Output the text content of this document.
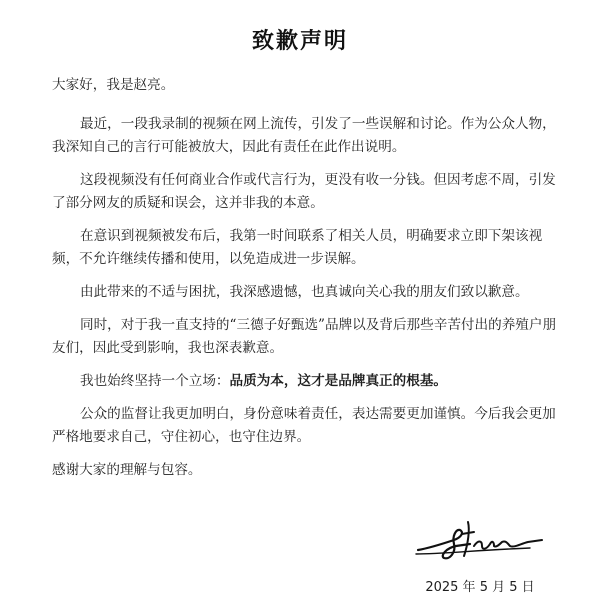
致歉声明

大家好，我是赵亮。

最近，一段我录制的视频在网上流传，引发了一些误解和讨论。作为公众人物，我深知自己的言行可能被放大，因此有责任在此作出说明。

这段视频没有任何商业合作或代言行为，更没有收一分钱。但因考虑不周，引发了部分网友的质疑和误会，这并非我的本意。

在意识到视频被发布后，我第一时间联系了相关人员，明确要求立即下架该视频，不允许继续传播和使用，以免造成进一步误解。

由此带来的不适与困扰，我深感遗憾，也真诚向关心我的朋友们致以歉意。

同时，对于我一直支持的“三德子好甄选”品牌以及背后那些辛苦付出的养殖户朋友们，因此受到影响，我也深表歉意。

我也始终坚持一个立场：品质为本，这才是品牌真正的根基。

公众的监督让我更加明白，身份意味着责任，表达需要更加谨慎。今后我会更加严格地要求自己，守住初心，也守住边界。

感谢大家的理解与包容。

2025 年 5 月 5 日
